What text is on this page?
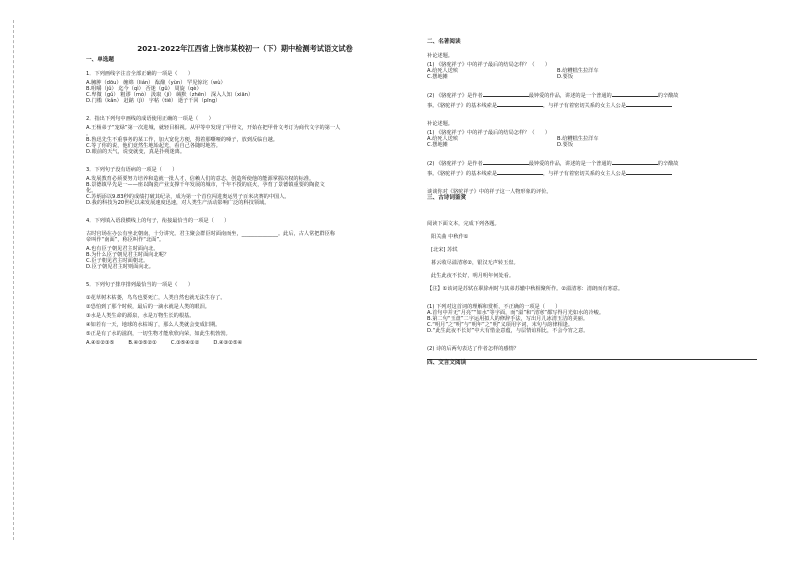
2021-2022年江西省上饶市某校初一（下）期中检测考试语文试卷

一、单选题

1．下列画线字注音全部正确的一项是（　　）

A.臃肿（dōu） 缠绵（lián） 酝酿（yùn） 罕见惊诧（wù）

B.咀嚼（jǔ） 迄今（qì） 否迷（gǔ） 周旋（qè）

C.卑微（gǔ） 粗谬（mò） 汲取（jí） 缄默（zhēn） 深入人知（xiān）

D.门槛（kǎn） 赶踮（jì） 字帖（tiē） 逝子千回（pīng）

2．指出下列句中画线的成语使用正确的一项是（　　）

A.王杨弟子“宠绿”第一次进城，就轻目相视。从甲等中发现了甲骨文，开始在把甲骨文考订为商代文字的第一人

。

B.鲁迅先生不重事务的某工作，加大宽化方便，拇着那嘶哑的嗓子，放到反临自越。

C.等了你的说，他们竟然生地始起光，看自己各随时地答。

D.眼前的天气，说变就变，真是扑朔迷离。

3．下列句子没有语病的一项是（　　）

A.发展教育必须要努力培养和造就一批人才，信赖人们的意志，创造所使他的能源掌握决权的标准。

B.景德镇早先是一——座以陶瓷产业支撑千年发展的城市，千年不授的底火，孕育了景德镇重要的陶瓷文

化。

C.苏炳添以9.83秒的成绩打破其纪录，成为第一个首位闯进奥运男子百米决赛的中国人。

D.我的科技为20世纪以来发展速度迅速，对人类生产活动影响广泛的科技领域。

4．下列填入语段横线上的句子，衔接最恰当的一项是（　　）

古时官场在办公有坐北朝南，十分讲究。君主聚会群臣时面南而坐，______________。此后，古人常把群臣称

帝叫作“南面”，称臣叫作“北面”。

A.也有臣子朝见君主时面向北。

B.为什么臣子朝见君主时面向北呢？

C.臣子朝见君主时面朝北。

D.臣子朝见君主时则面向北。

5．下列句子排序排列最恰当的一项是（　　）

①花草树木枯萎，鸟鸟也要死亡，人类自然也就无法生存了。

②恐怕到了那个时候，最后的一滴水就是人类的眼泪。

③水是人类生命的源泉，水是万物生长的根基。

④如若有一天，地球的水枯竭了，那么人类就会变成旧期。

⑤正是有了水的滋润，一切生物才能欣欣向荣，如此生机勃勃。

A.④①②③⑤	B.④③⑤②①	C.③⑤④①②	D.④③②⑤④

二、名著阅读

补论述题。

(1) 《骆驼祥子》中的祥子最后的结局怎样？（　　）

A.给死人送殡	B.给糟糕生拉洋车
C.摆地摊	D.要饭

(2) 《骆驼祥子》是作者	最钟爱的作品，讲述的是一个普通的	的辛酸故

事。《骆驼祥子》的基本线索是	，与祥子有着密切关系的女主人公是

补论述题。

(1) 《骆驼祥子》中的祥子最后的结局怎样？（　　）

A.给死人送殡	B.给糟糕生拉洋车
C.摆地摊	D.要饭

(2) 《骆驼祥子》是作者	最钟爱的作品，讲述的是一个普通的	的辛酸故

事。《骆驼祥子》的基本线索是	，与祥子有着密切关系的女主人公是

谈谈你对《骆驼祥子》中的祥子这一人物形象的评价。

三、古诗词鉴赏

阅读下面文本，完成下列各题。

阳关曲 中秋作①

[北宋] 苏轼

暮云收尽溢清寒②，银汉无声转玉盘。

此生此夜不长好，明月明年何处看。

【注】①该词是苏轼在职徐州时与其弟苏辙中秋相聚所作。②溢清寒：清朗而有寒意。

(1) 下列对这首词的理解和赏析，不正确的一项是（　　）

A.首句中并无“月亮”“如水”等字面，而“溢”和“清寒”都写得月光如水的冷峻。

B.第二句“玉盘”二字运用拟人的修辞手法，写出月儿冰清玉洁的美丽。

C.“明月”之“明”与“明年”之“明”义项用字词，末句与韵律相逢。

D.“此生此夜不长好”中大有惜金意蕴，与层情谊相比，不会今宵之意。

(2) 诗的后两句表达了作者怎样的感情？

四、文言文阅读
